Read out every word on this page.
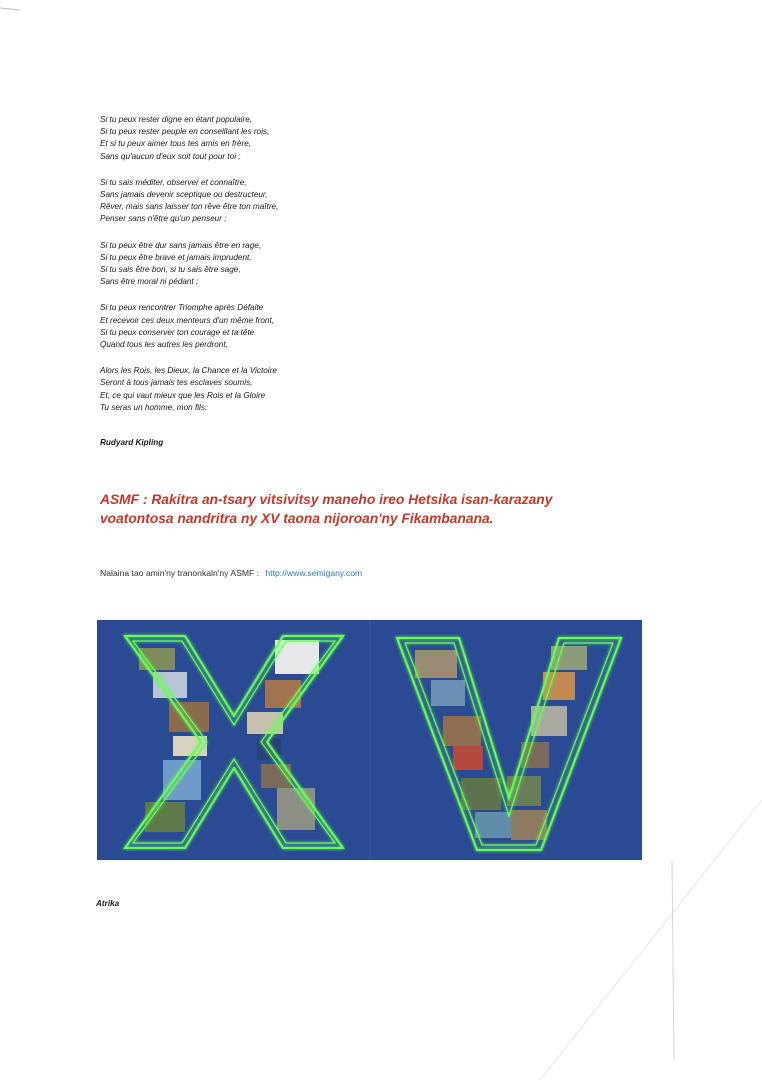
Si tu peux rester digne en étant populaire,
Si tu peux rester peuple en conseillant les rois,
Et si tu peux aimer tous tes amis en frère,
Sans qu'aucun d'eux soit tout pour toi ;
Si tu sais méditer, observer et connaître,
Sans jamais devenir sceptique ou destructeur,
Rêver, mais sans laisser ton rêve être ton maître,
Penser sans n'être qu'un penseur ;
Si tu peux être dur sans jamais être en rage,
Si tu peux être brave et jamais imprudent,
Si tu sais être bon, si tu sais être sage,
Sans être moral ni pédant ;
Si tu peux rencontrer Triomphe après Défaite
Et recevoir ces deux menteurs d'un même front,
Si tu peux conserver ton courage et ta tête
Quand tous les autres les perdront,
Alors les Rois, les Dieux, la Chance et la Victoire
Seront à tous jamais tes esclaves soumis,
Et, ce qui vaut mieux que les Rois et la Gloire
Tu seras un homme, mon fils.
Rudyard Kipling
ASMF : Rakitra an-tsary vitsivitsy maneho ireo Hetsika isan-karazany voatontosa nandritra ny XV taona nijoroan'ny Fikambanana.
Nalaina tao amin'ny tranonkaln'ny ASMF : http://www.semigany.com
Atrika
